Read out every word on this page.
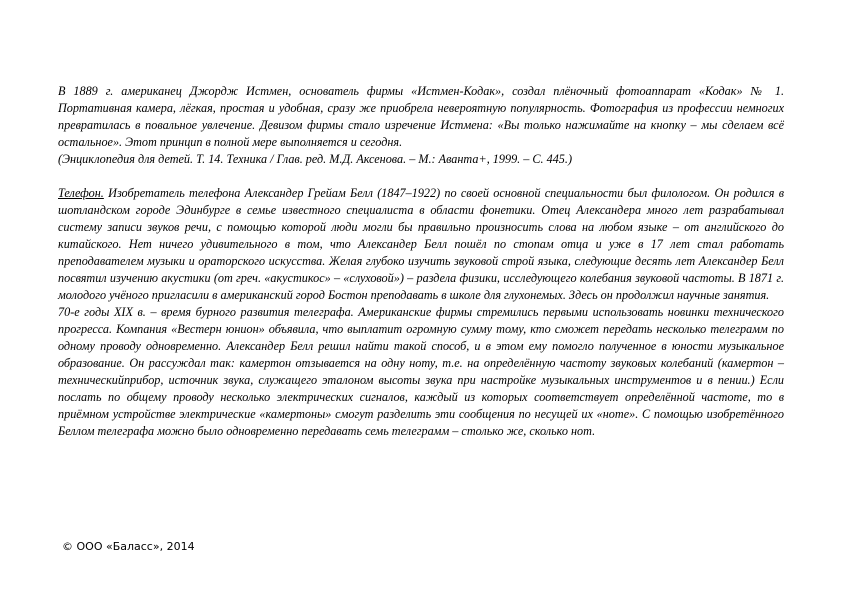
В 1889 г. американец Джордж Истмен, основатель фирмы «Истмен-Кодак», создал плёночный фотоаппарат «Кодак» № 1. Портативная камера, лёгкая, простая и удобная, сразу же приобрела невероятную популярность. Фотография из профессии немногих превратилась в повальное увлечение. Девизом фирмы стало изречение Истмена: «Вы только нажимайте на кнопку – мы сделаем всё остальное». Этот принцип в полной мере выполняется и сегодня.

(Энциклопедия для детей. Т. 14. Техника / Глав. ред. М.Д. Аксенова. – М.: Аванта+, 1999. – С. 445.)

Телефон. Изобретатель телефона Александер Грейам Белл (1847–1922) по своей основной специальности был филологом. Он родился в шотландском городе Эдинбурге в семье известного специалиста в области фонетики. Отец Александера много лет разрабатывал систему записи звуков речи, с помощью которой люди могли бы правильно произносить слова на любом языке – от английского до китайского. Нет ничего удивительного в том, что Александер Белл пошёл по стопам отца и уже в 17 лет стал работать преподавателем музыки и ораторского искусства. Желая глубоко изучить звуковой строй языка, следующие десять лет Александер Белл посвятил изучению акустики (от греч. «акустикос» – «слуховой») – раздела физики, исследующего колебания звуковой частоты. В 1871 г. молодого учёного пригласили в американский город Бостон преподавать в школе для глухонемых. Здесь он продолжил научные занятия.

70-е годы XIX в. – время бурного развития телеграфа. Американские фирмы стремились первыми использовать новинки технического прогресса. Компания «Вестерн юнион» объявила, что выплатит огромную сумму тому, кто сможет передать несколько телеграмм по одному проводу одновременно. Александер Белл решил найти такой способ, и в этом ему помогло полученное в юности музыкальное образование. Он рассуждал так: камертон отзывается на одну ноту, т.е. на определённую частоту звуковых колебаний (камертон – техническийприбор, источник звука, служащего эталоном высоты звука при настройке музыкальных инструментов и в пении.) Если послать по общему проводу несколько электрических сигналов, каждый из которых соответствует определённой частоте, то в приёмном устройстве электрические «камертоны» смогут разделить эти сообщения по несущей их «ноте». С помощью изобретённого Беллом телеграфа можно было одновременно передавать семь телеграмм – столько же, сколько нот.

© ООО «Баласс», 2014
